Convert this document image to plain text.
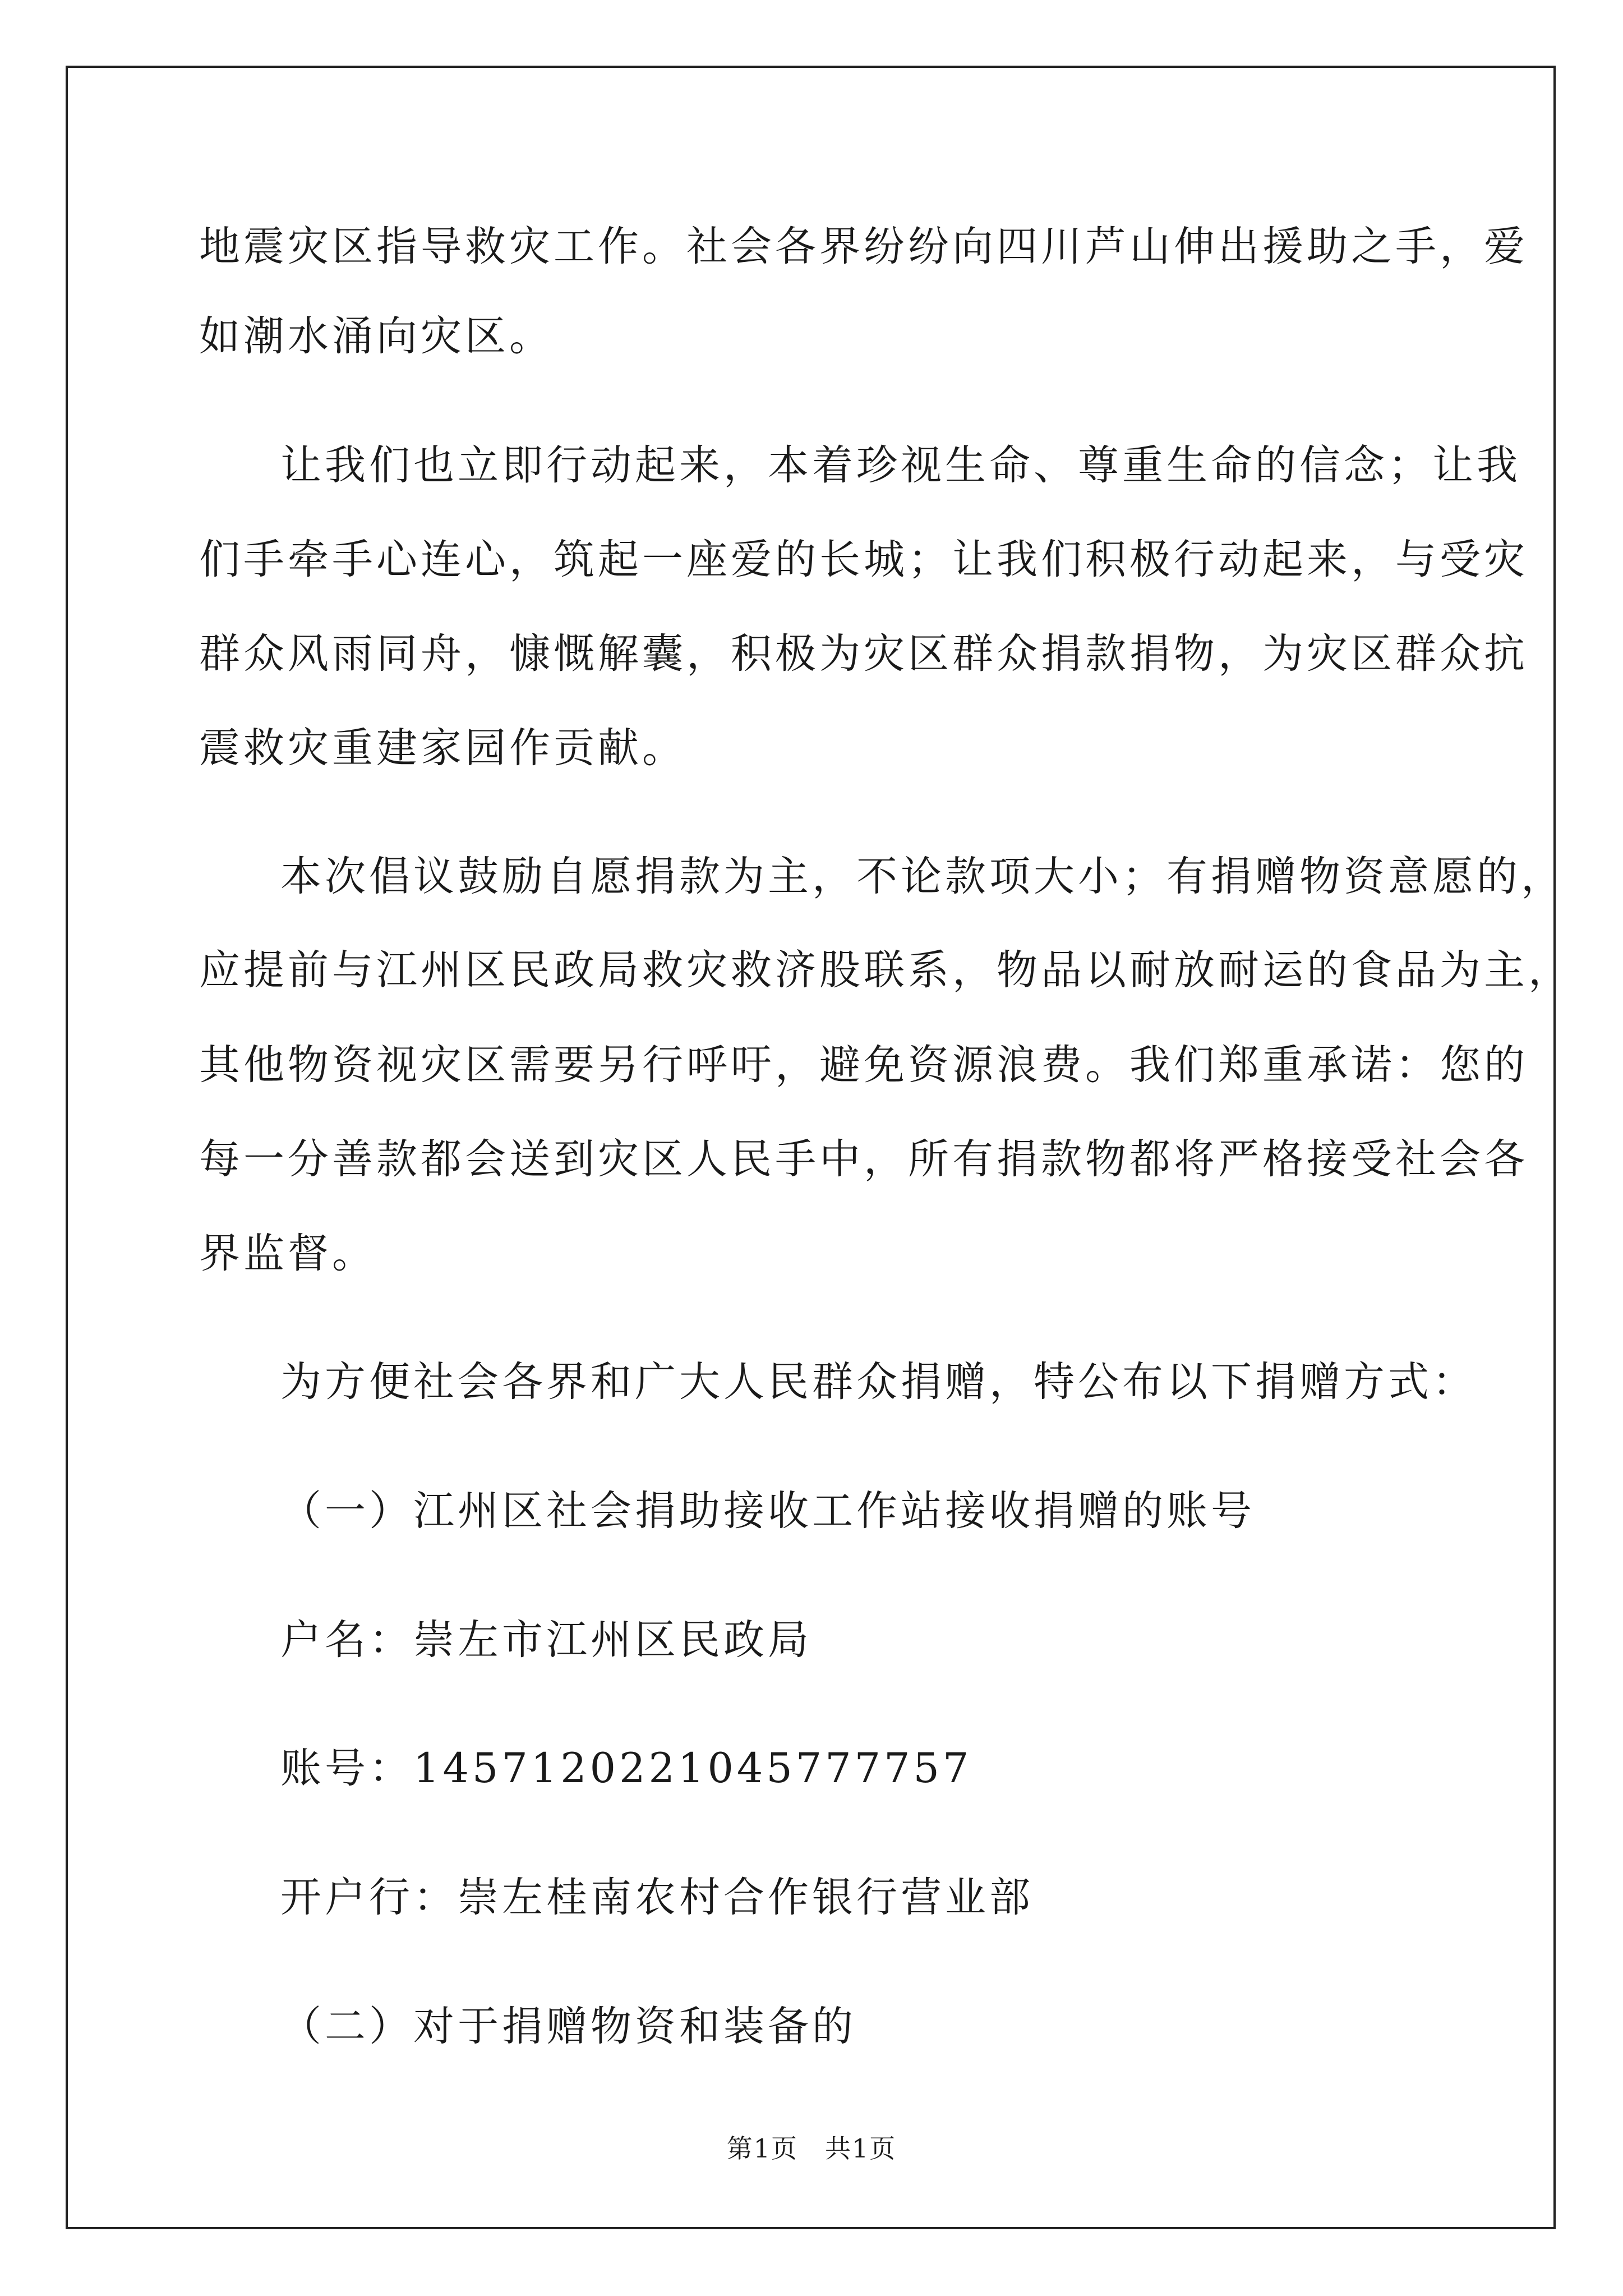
地震灾区指导救灾工作。社会各界纷纷向四川芦山伸出援助之手，爱

如潮水涌向灾区。

让我们也立即行动起来，本着珍视生命、尊重生命的信念；让我

们手牵手心连心，筑起一座爱的长城；让我们积极行动起来，与受灾

群众风雨同舟，慷慨解囊，积极为灾区群众捐款捐物，为灾区群众抗

震救灾重建家园作贡献。

本次倡议鼓励自愿捐款为主，不论款项大小；有捐赠物资意愿的，

应提前与江州区民政局救灾救济股联系，物品以耐放耐运的食品为主，

其他物资视灾区需要另行呼吁，避免资源浪费。我们郑重承诺：您的

每一分善款都会送到灾区人民手中，所有捐款物都将严格接受社会各

界监督。

为方便社会各界和广大人民群众捐赠，特公布以下捐赠方式：

（一）江州区社会捐助接收工作站接收捐赠的账号

户名：崇左市江州区民政局

账号：1457120221045777757

开户行：崇左桂南农村合作银行营业部

（二）对于捐赠物资和装备的

第1页　共1页
